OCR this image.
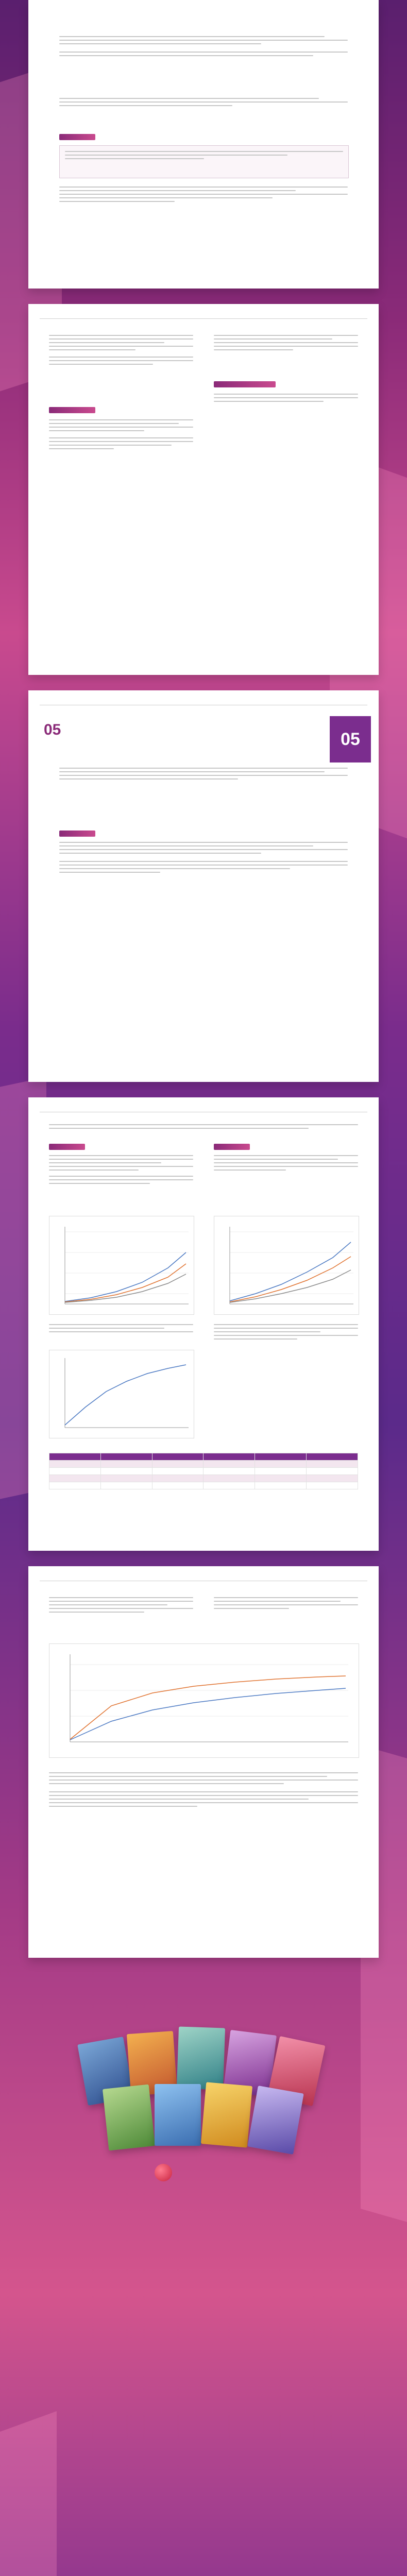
05
05
